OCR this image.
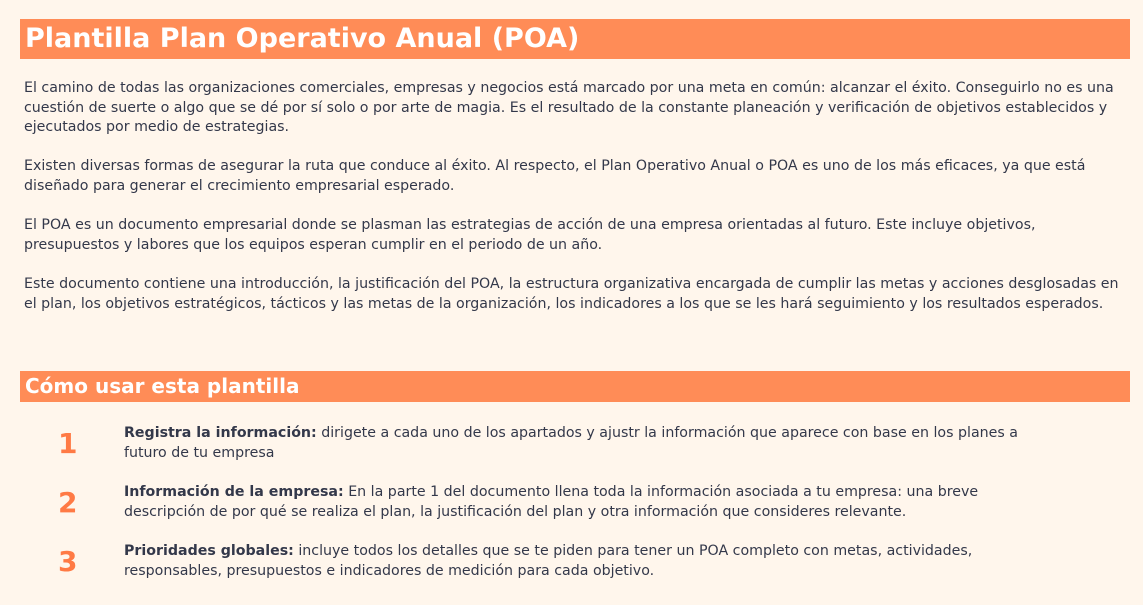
Plantilla Plan Operativo Anual (POA)

El camino de todas las organizaciones comerciales, empresas y negocios está marcado por una meta en común: alcanzar el éxito. Conseguirlo no es una cuestión de suerte o algo que se dé por sí solo o por arte de magia. Es el resultado de la constante planeación y verificación de objetivos establecidos y ejecutados por medio de estrategias.

Existen diversas formas de asegurar la ruta que conduce al éxito. Al respecto, el Plan Operativo Anual o POA es uno de los más eficaces, ya que está diseñado para generar el crecimiento empresarial esperado.

El POA es un documento empresarial donde se plasman las estrategias de acción de una empresa orientadas al futuro. Este incluye objetivos, presupuestos y labores que los equipos esperan cumplir en el periodo de un año.

Este documento contiene una introducción, la justificación del POA, la estructura organizativa encargada de cumplir las metas y acciones desglosadas en el plan, los objetivos estratégicos, tácticos y las metas de la organización, los indicadores a los que se les hará seguimiento y los resultados esperados.

Cómo usar esta plantilla
1	Registra la información: dirigete a cada uno de los apartados y ajustr la información que aparece con base en los planes a futuro de tu empresa

2	Información de la empresa: En la parte 1 del documento llena toda la información asociada a tu empresa: una breve descripción de por qué se realiza el plan, la justificación del plan y otra información que consideres relevante.

3	Prioridades globales: incluye todos los detalles que se te piden para tener un POA completo con metas, actividades, responsables, presupuestos e indicadores de medición para cada objetivo.
